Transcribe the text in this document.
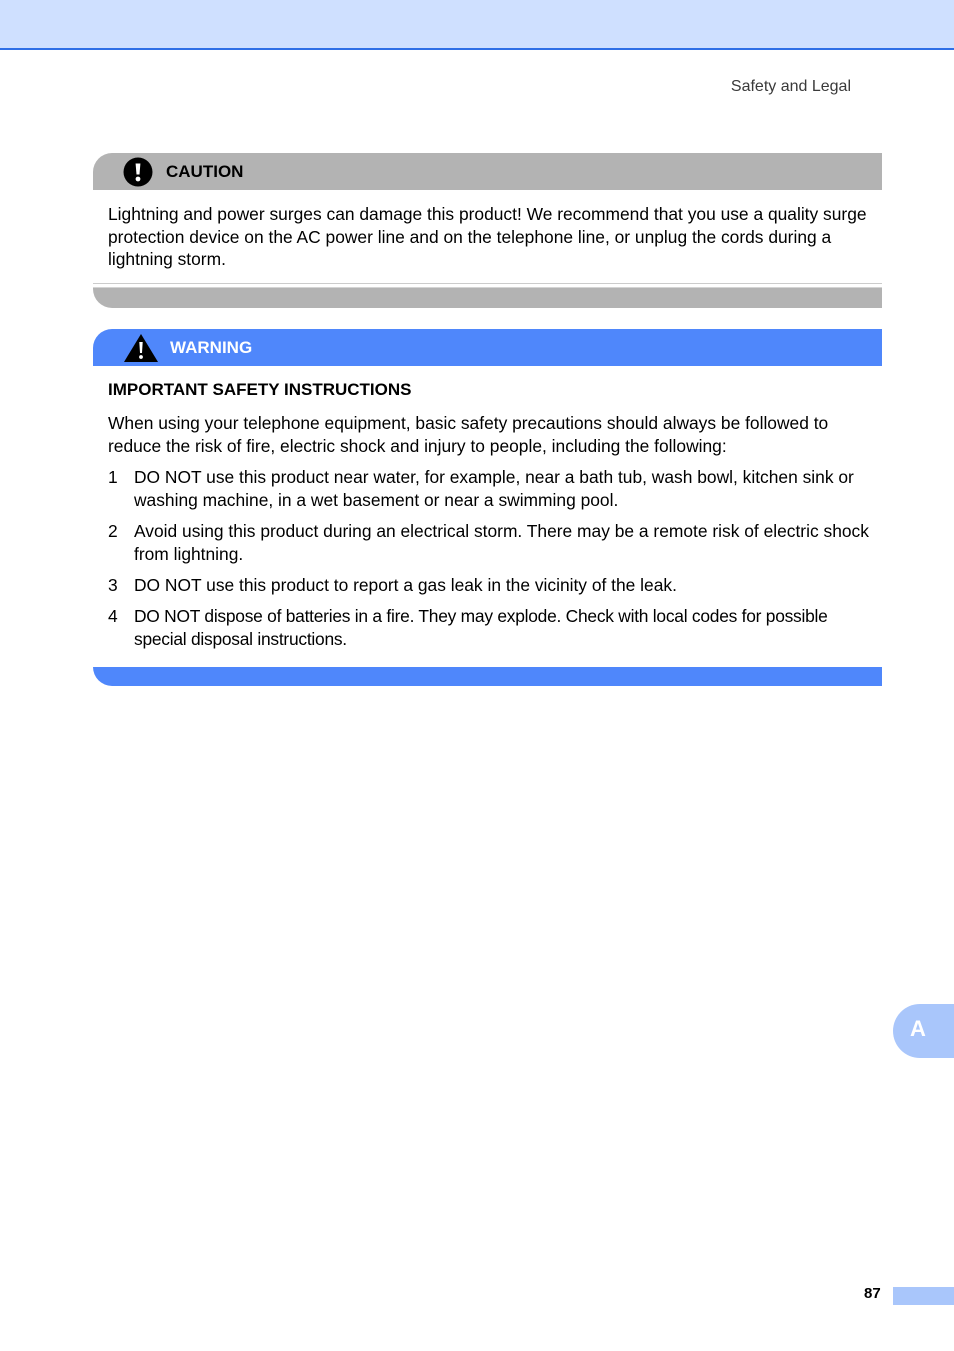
Safety and Legal
CAUTION

Lightning and power surges can damage this product! We recommend that you use a quality surge protection device on the AC power line and on the telephone line, or unplug the cords during a lightning storm.

WARNING

IMPORTANT SAFETY INSTRUCTIONS

When using your telephone equipment, basic safety precautions should always be followed to reduce the risk of fire, electric shock and injury to people, including the following:

1 DO NOT use this product near water, for example, near a bath tub, wash bowl, kitchen sink or washing machine, in a wet basement or near a swimming pool.
2 Avoid using this product during an electrical storm. There may be a remote risk of electric shock from lightning.
3 DO NOT use this product to report a gas leak in the vicinity of the leak.
4 DO NOT dispose of batteries in a fire. They may explode. Check with local codes for possible special disposal instructions.
A
87
